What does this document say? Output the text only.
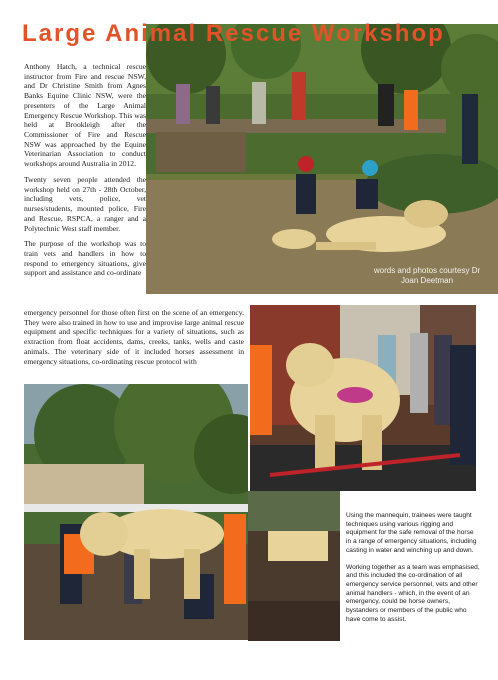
Large Animal Rescue Workshop
words and photos courtesy Dr Joan Deetman

Anthony Hatch, a technical rescue instructor from Fire and rescue NSW, and Dr Christine Smith from Agnes Banks Equine Clinic NSW, were the presenters of the Large Animal Emergency Rescue Workshop. This was held at Brookleigh after the Commissioner of Fire and Rescue NSW was approached by the Equine Veterinarian Association to conduct workshops around Australia in 2012.

Twenty seven people attended the workshop held on 27th - 28th October, including vets, police, vet nurses/students, mounted police, Fire and Rescue, RSPCA, a ranger and a Polytechnic West staff member.

The purpose of the workshop was to train vets and handlers in how to respond to emergency situations, give support and assistance and co-ordinate

emergency personnel for those often first on the scene of an emergency. They were also trained in how to use and improvise large animal rescue equipment and specific techniques for a variety of situations, such as extraction from float accidents, dams, creeks, tanks, wells and caste animals. The veterinary side of it included horses assessment in emergency situations, co-ordinating rescue protocol with

Using the mannequin, trainees were taught techniques using various rigging and equipment for the safe removal of the horse in a range of emergency situations, including casting in water and winching up and down.

Working together as a team was emphasised, and this included the co-ordination of all emergency service personnel, vets and other animal handlers - which, in the event of an emergency, could be horse owners, bystanders or members of the public who have come to assist.
